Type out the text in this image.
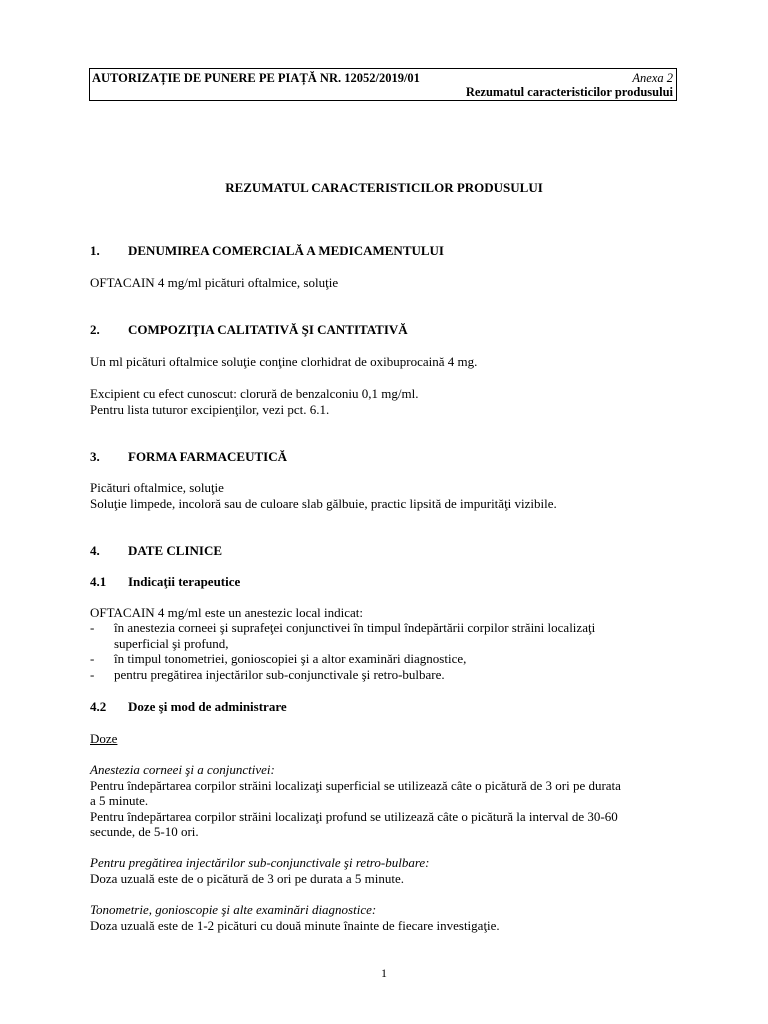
AUTORIZAȚIE DE PUNERE PE PIAȚĂ NR. 12052/2019/01	Anexa 2
Rezumatul caracteristicilor produsului
REZUMATUL CARACTERISTICILOR PRODUSULUI
1. DENUMIREA COMERCIALĂ A MEDICAMENTULUI
OFTACAIN 4 mg/ml picături oftalmice, soluţie
2. COMPOZIŢIA CALITATIVĂ ŞI CANTITATIVĂ
Un ml picături oftalmice soluţie conţine clorhidrat de oxibuprocaină 4 mg.
Excipient cu efect cunoscut: clorură de benzalconiu 0,1 mg/ml.
Pentru lista tuturor excipienţilor, vezi pct. 6.1.
3. FORMA FARMACEUTICĂ
Picături oftalmice, soluţie
Soluţie limpede, incoloră sau de culoare slab gălbuie, practic lipsită de impurităţi vizibile.
4. DATE CLINICE
4.1 Indicaţii terapeutice
OFTACAIN 4 mg/ml este un anestezic local indicat:
- în anestezia corneei şi suprafeţei conjunctivei în timpul îndepărtării corpilor străini localizaţi
superficial şi profund,
- în timpul tonometriei, gonioscopiei şi a altor examinări diagnostice,
- pentru pregătirea injectărilor sub-conjunctivale şi retro-bulbare.
4.2 Doze şi mod de administrare
Doze
Anestezia corneei şi a conjunctivei:
Pentru îndepărtarea corpilor străini localizaţi superficial se utilizează câte o picătură de 3 ori pe durata
a 5 minute.
Pentru îndepărtarea corpilor străini localizaţi profund se utilizează câte o picătură la interval de 30-60
secunde, de 5-10 ori.
Pentru pregătirea injectărilor sub-conjunctivale şi retro-bulbare:
Doza uzuală este de o picătură de 3 ori pe durata a 5 minute.
Tonometrie, gonioscopie şi alte examinări diagnostice:
Doza uzuală este de 1-2 picături cu două minute înainte de fiecare investigaţie.
1
